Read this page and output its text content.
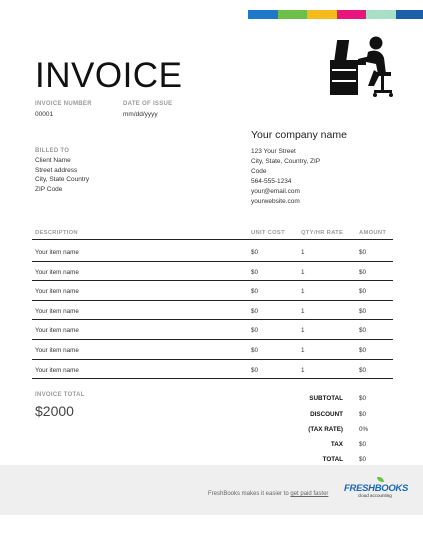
INVOICE
INVOICE NUMBER
00001
DATE OF ISSUE
mm/dd/yyyy
BILLED TO
Client Name
Street address
City, State Country
ZIP Code
Your company name
123 Your Street
City, State, Country, ZIP
Code
564-555-1234
your@email.com
yourwebsite.com
DESCRIPTION	UNIT COST	QTY/HR RATE	AMOUNT
Your item name	$0	1	$0
Your item name	$0	1	$0
Your item name	$0	1	$0
Your item name	$0	1	$0
Your item name	$0	1	$0
Your item name	$0	1	$0
Your item name	$0	1	$0
INVOICE TOTAL
$2000
SUBTOTAL	$0
DISCOUNT	$0
(TAX RATE)	0%
TAX	$0
TOTAL	$0
FreshBooks makes it easier to get paid faster FRESHBOOKS
cloud accounting
